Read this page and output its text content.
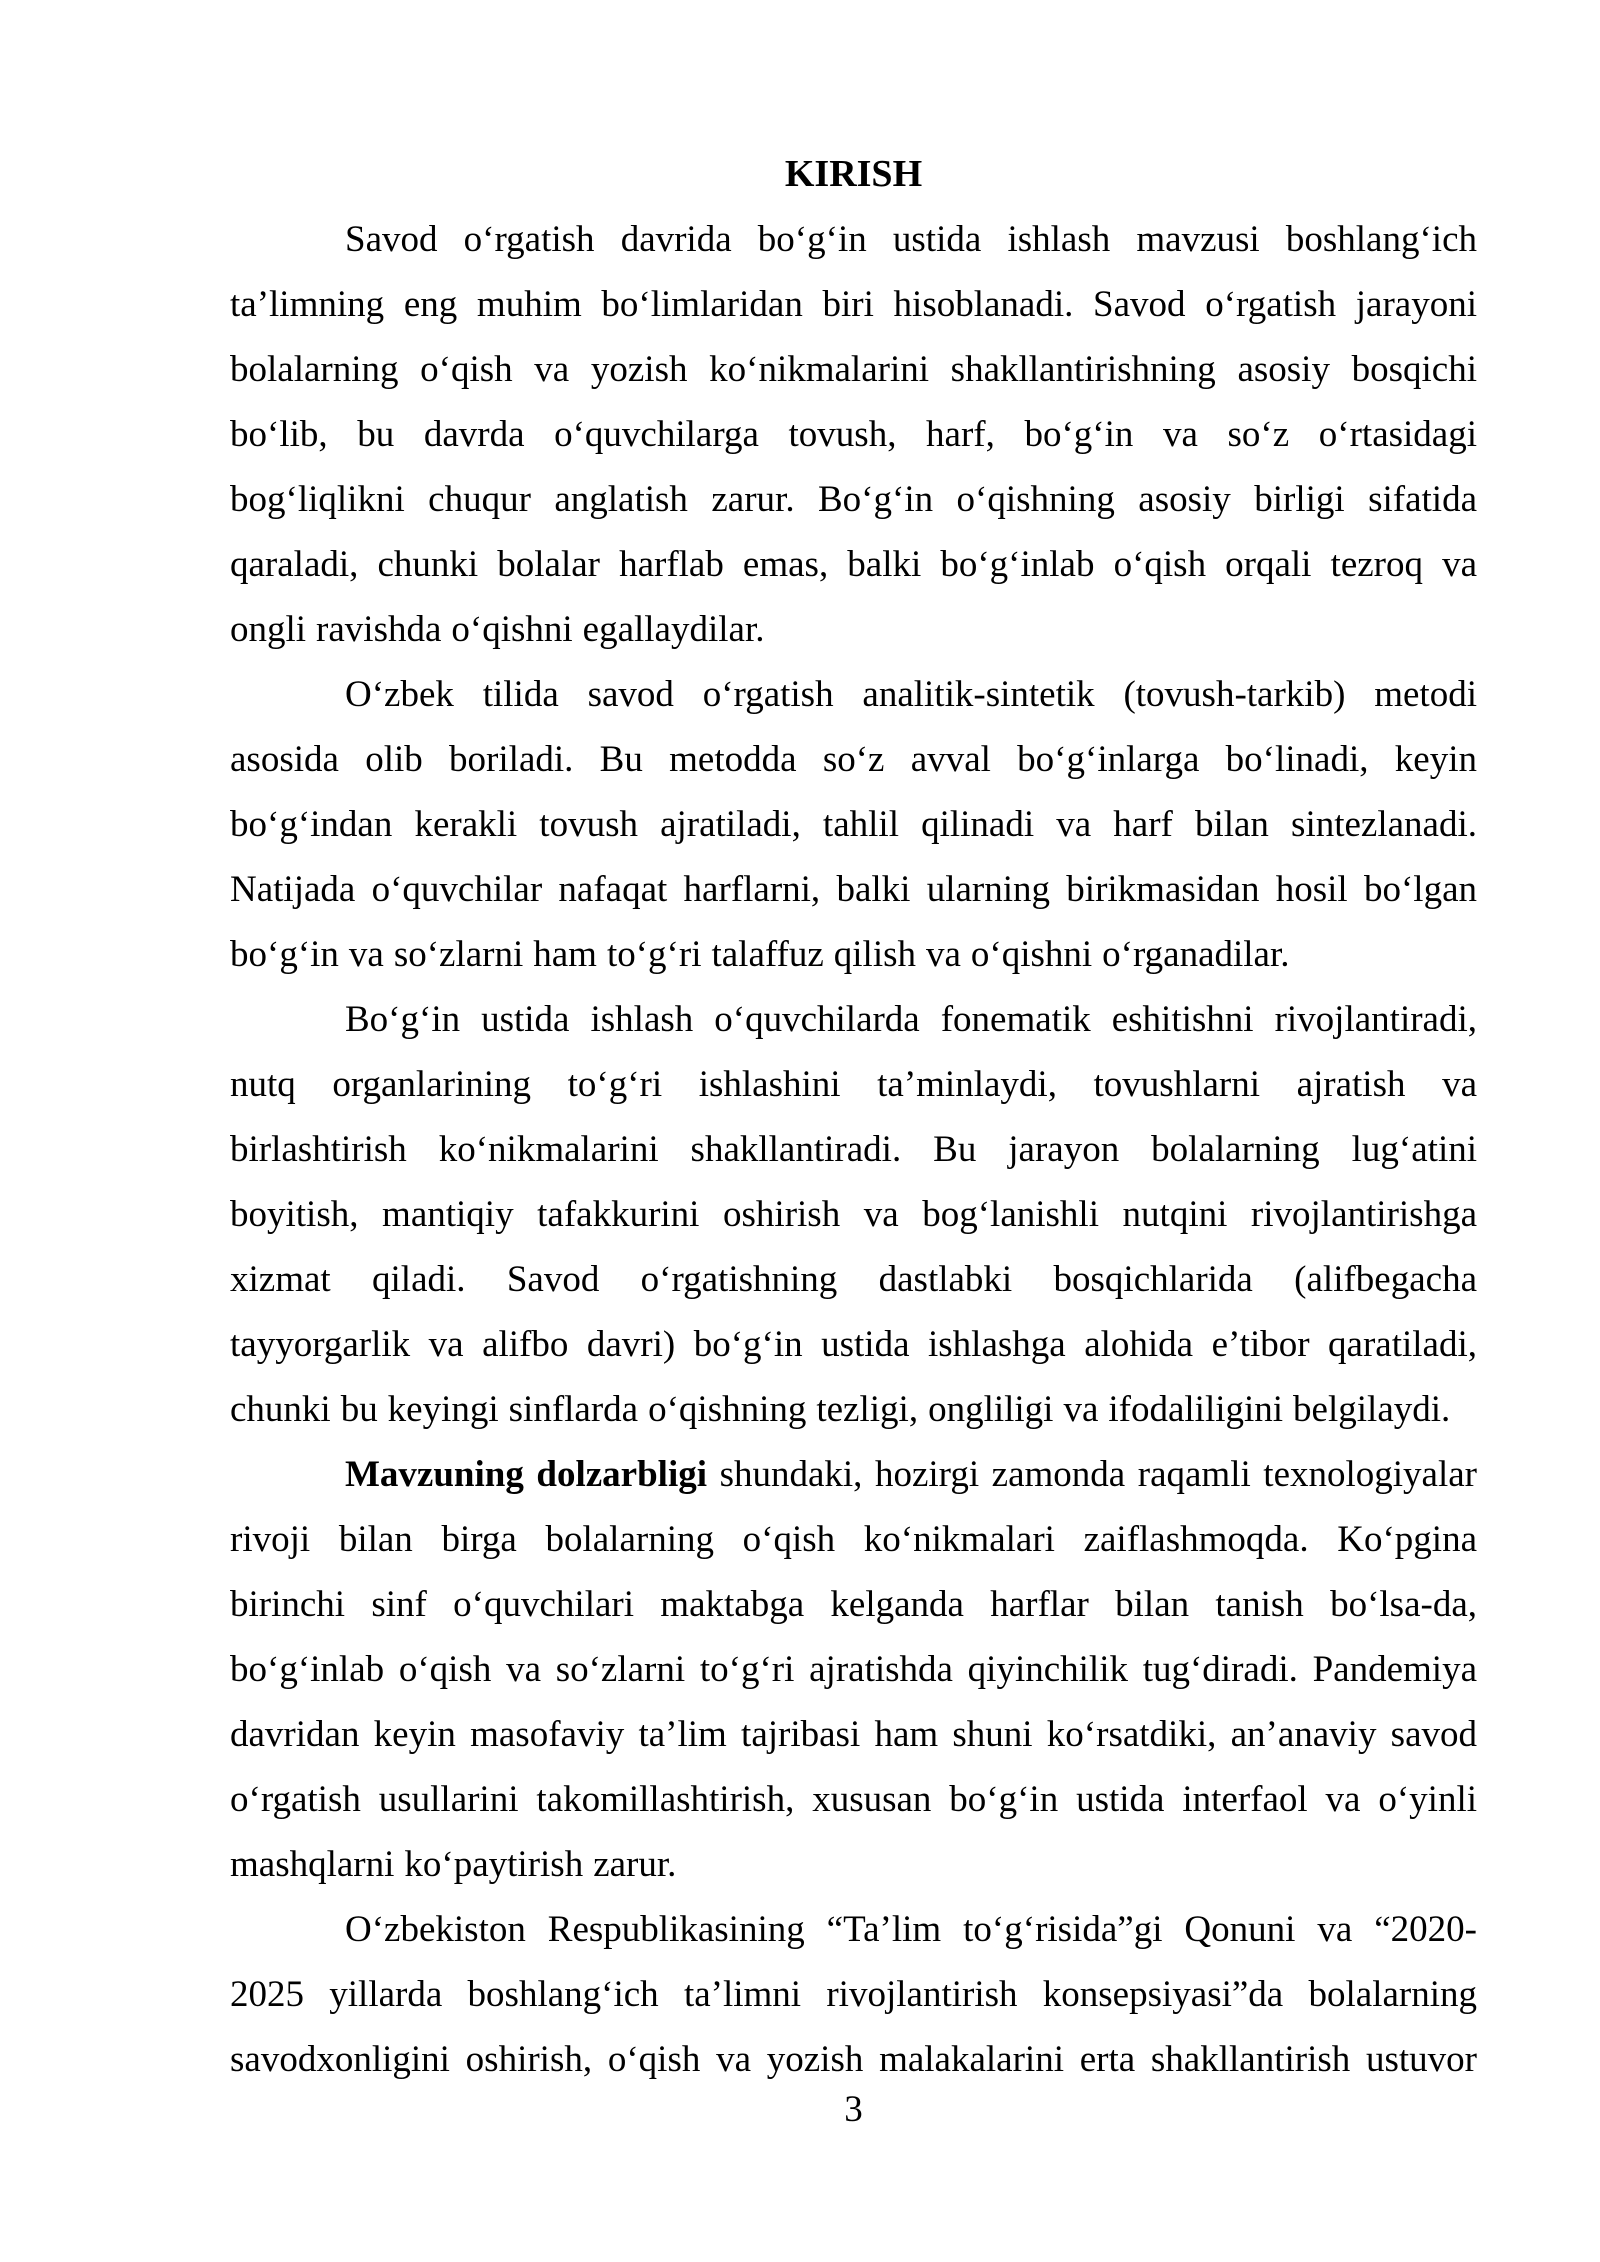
KIRISH
Savod o‘rgatish davrida bo‘g‘in ustida ishlash mavzusi boshlang‘ich
ta’limning eng muhim bo‘limlaridan biri hisoblanadi. Savod o‘rgatish jarayoni
bolalarning o‘qish va yozish ko‘nikmalarini shakllantirishning asosiy bosqichi
bo‘lib, bu davrda o‘quvchilarga tovush, harf, bo‘g‘in va so‘z o‘rtasidagi
bog‘liqlikni chuqur anglatish zarur. Bo‘g‘in o‘qishning asosiy birligi sifatida
qaraladi, chunki bolalar harflab emas, balki bo‘g‘inlab o‘qish orqali tezroq va
ongli ravishda o‘qishni egallaydilar.
O‘zbek tilida savod o‘rgatish analitik-sintetik (tovush-tarkib) metodi
asosida olib boriladi. Bu metodda so‘z avval bo‘g‘inlarga bo‘linadi, keyin
bo‘g‘indan kerakli tovush ajratiladi, tahlil qilinadi va harf bilan sintezlanadi.
Natijada o‘quvchilar nafaqat harflarni, balki ularning birikmasidan hosil bo‘lgan
bo‘g‘in va so‘zlarni ham to‘g‘ri talaffuz qilish va o‘qishni o‘rganadilar.
Bo‘g‘in ustida ishlash o‘quvchilarda fonematik eshitishni rivojlantiradi,
nutq organlarining to‘g‘ri ishlashini ta’minlaydi, tovushlarni ajratish va
birlashtirish ko‘nikmalarini shakllantiradi. Bu jarayon bolalarning lug‘atini
boyitish, mantiqiy tafakkurini oshirish va bog‘lanishli nutqini rivojlantirishga
xizmat qiladi. Savod o‘rgatishning dastlabki bosqichlarida (alifbegacha
tayyorgarlik va alifbo davri) bo‘g‘in ustida ishlashga alohida e’tibor qaratiladi,
chunki bu keyingi sinflarda o‘qishning tezligi, ongliligi va ifodaliligini belgilaydi.
Mavzuning dolzarbligi shundaki, hozirgi zamonda raqamli texnologiyalar
rivoji bilan birga bolalarning o‘qish ko‘nikmalari zaiflashmoqda. Ko‘pgina
birinchi sinf o‘quvchilari maktabga kelganda harflar bilan tanish bo‘lsa-da,
bo‘g‘inlab o‘qish va so‘zlarni to‘g‘ri ajratishda qiyinchilik tug‘diradi. Pandemiya
davridan keyin masofaviy ta’lim tajribasi ham shuni ko‘rsatdiki, an’anaviy savod
o‘rgatish usullarini takomillashtirish, xususan bo‘g‘in ustida interfaol va o‘yinli
mashqlarni ko‘paytirish zarur.
O‘zbekiston Respublikasining “Ta’lim to‘g‘risida”gi Qonuni va “2020-
2025 yillarda boshlang‘ich ta’limni rivojlantirish konsepsiyasi”da bolalarning
savodxonligini oshirish, o‘qish va yozish malakalarini erta shakllantirish ustuvor
3
